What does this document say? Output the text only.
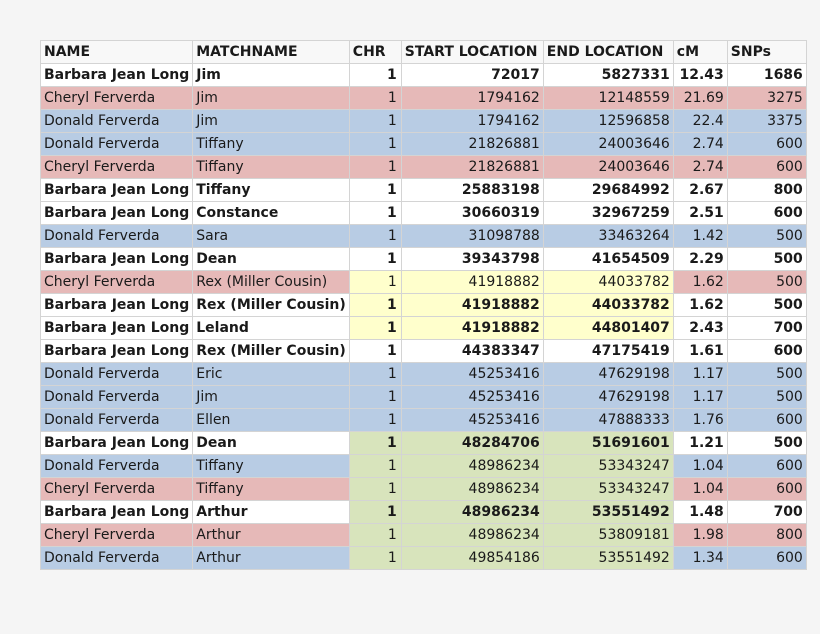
NAME	MATCHNAME	CHR	START LOCATION	END LOCATION	cM	SNPs
Barbara Jean Long	Jim	1	72017	5827331	12.43	1686
Cheryl Ferverda	Jim	1	1794162	12148559	21.69	3275
Donald Ferverda	Jim	1	1794162	12596858	22.4	3375
Donald Ferverda	Tiffany	1	21826881	24003646	2.74	600
Cheryl Ferverda	Tiffany	1	21826881	24003646	2.74	600
Barbara Jean Long	Tiffany	1	25883198	29684992	2.67	800
Barbara Jean Long	Constance	1	30660319	32967259	2.51	600
Donald Ferverda	Sara	1	31098788	33463264	1.42	500
Barbara Jean Long	Dean	1	39343798	41654509	2.29	500
Cheryl Ferverda	Rex (Miller Cousin)	1	41918882	44033782	1.62	500
Barbara Jean Long	Rex (Miller Cousin)	1	41918882	44033782	1.62	500
Barbara Jean Long	Leland	1	41918882	44801407	2.43	700
Barbara Jean Long	Rex (Miller Cousin)	1	44383347	47175419	1.61	600
Donald Ferverda	Eric	1	45253416	47629198	1.17	500
Donald Ferverda	Jim	1	45253416	47629198	1.17	500
Donald Ferverda	Ellen	1	45253416	47888333	1.76	600
Barbara Jean Long	Dean	1	48284706	51691601	1.21	500
Donald Ferverda	Tiffany	1	48986234	53343247	1.04	600
Cheryl Ferverda	Tiffany	1	48986234	53343247	1.04	600
Barbara Jean Long	Arthur	1	48986234	53551492	1.48	700
Cheryl Ferverda	Arthur	1	48986234	53809181	1.98	800
Donald Ferverda	Arthur	1	49854186	53551492	1.34	600
